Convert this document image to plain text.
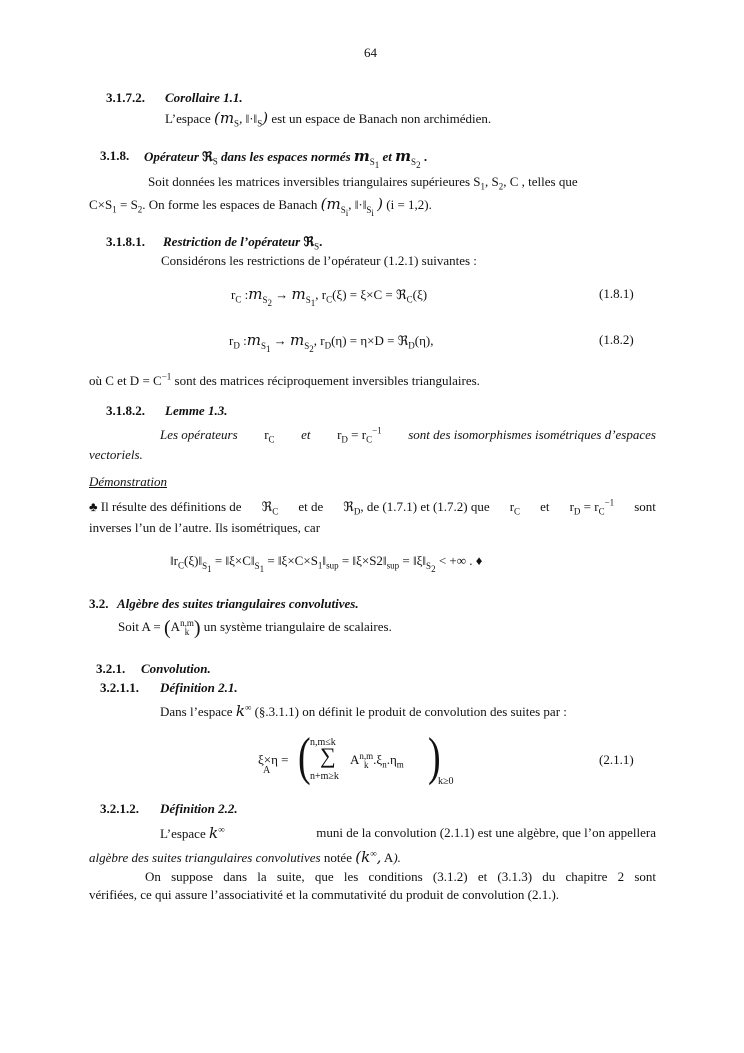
64
3.1.7.2. Corollaire 1.1.
L’espace ($m_S$, $‖\cdot‖_S$) est un espace de Banach non archimédien.
3.1.8. Opérateur ℜ$_S$ dans les espaces normés $m_{S_1}$ et $m_{S_2}$ .
Soit données les matrices inversibles triangulaires supérieures $S_1$, $S_2$, C , telles que
$C\times S_1 = S_2$. On forme les espaces de Banach ($m_{S_i}$, $‖\cdot‖_{S_i}$ ) (i = 1,2).
3.1.8.1. Restriction de l’opérateur ℜ$_S$.
Considérons les restrictions de l’opérateur (1.2.1) suivantes :
$r_C$ $:m_{S_2} \to m_{S_1}$, $r_C(\xi) = \xi\times C$ = ℜ$_C$(ξ)	(1.8.1)
$r_D$ $:m_{S_1} \to m_{S_2}$, $r_D(\eta) = \eta\times D$ = ℜ$_D$(η),	(1.8.2)
où C et $D = C^{-1}$ sont des matrices réciproquement inversibles triangulaires.
3.1.8.2. Lemme 1.3.
Les opérateurs $r_C$ et $r_D = r_C^{-1}$ sont des isomorphismes isométriques d’espaces
vectoriels.
Démonstration
♣ Il résulte des définitions de ℜ$_C$ et de ℜ$_D$, de (1.7.1) et (1.7.2) que $r_C$ et $r_D = r_C^{-1}$ sont
inverses l’un de l’autre. Ils isométriques, car
$‖r_C(\xi)‖_{S_1}$ = $‖\xi\times C‖_{S_1}$ = $‖\xi\times C\times S_1‖_{sup}$ = $‖\xi\times S2‖_{sup}$ = $‖\xi‖_{S_2}$ < +∞ . ♦
3.2. Algèbre des suites triangulaires convolutives.
Soit A = (An,m
k ) un système triangulaire de scalaires.
3.2.1. Convolution.
3.2.1.1. Définition 2.1.
Dans l’espace k∞ (§.3.1.1) on définit le produit de convolution des suites par :
ξ×η =
A ( n,m≤k
∑
n+m≥k
An,m
k $.\xi_n.\eta_m$ )
k≥0
(2.1.1)
3.2.1.2. Définition 2.2.
L’espace k∞	muni de la convolution (2.1.1) est une algèbre, que l’on appellera
algèbre des suites triangulaires convolutives notée (k∞, A).
On suppose dans la suite, que les conditions (3.1.2) et (3.1.3) du chapitre 2 sont
vérifiées, ce qui assure l’associativité et la commutativité du produit de convolution (2.1.).
